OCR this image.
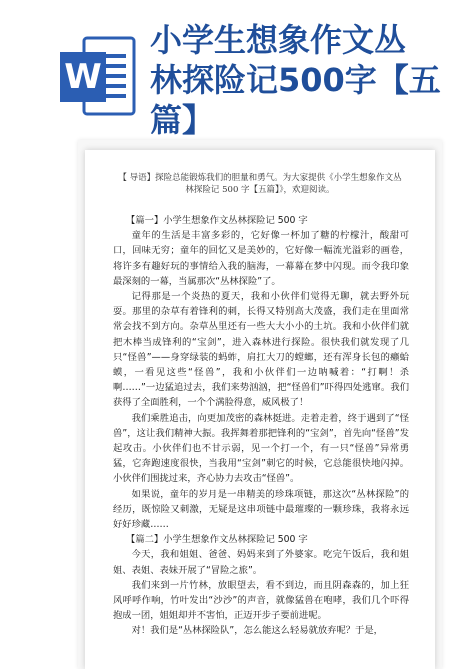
W
小学生想象作文丛
林探险记500字【五篇】
【 导语】探险总能锻炼我们的胆量和勇气。为大家提供《小学生想象作文丛林探险记 500 字【五篇】》，欢迎阅读。

【篇一】小学生想象作文丛林探险记 500 字

童年的生活是丰富多彩的，它好像一杯加了糖的柠檬汁，酸甜可口，回味无穷；童年的回忆又是美妙的，它好像一幅流光溢彩的画卷，将许多有趣好玩的事情给入我的脑海，一幕幕在梦中闪现。而令我印象最深刻的一幕，当属那次“丛林探险”了。

记得那是一个炎热的夏天，我和小伙伴们觉得无聊，就去野外玩耍。那里的杂草有着锋利的刺，长得又特别高大茂盛，我们走在里面常常会找不到方向。杂草丛里还有一些大大小小的土坑。我和小伙伴们就把木棒当成锋利的“宝剑”，进入森林进行探险。很快我们就发现了几只“怪兽”——身穿绿装的蚂蚱，肩扛大刀的螳螂，还有浑身长包的癞蛤蟆，一看见这些“怪兽”，我和小伙伴们一边呐喊着：“打啊！杀啊……”一边猛追过去，我们来势汹汹，把“怪兽们”吓得四处逃窜。我们获得了全面胜利，一个个满脸得意，威风极了！

我们乘胜追击，向更加茂密的森林挺进。走着走着，终于遇到了“怪兽”，这让我们精神大振。我挥舞着那把锋利的“宝剑”，首先向“怪兽”发起攻击。小伙伴们也不甘示弱，见一个打一个，有一只“怪兽”异常勇猛，它奔跑速度很快，当我用“宝剑”刺它的时候，它总能很快地闪掉。小伙伴们围拢过来，齐心协力去攻击“怪兽”。

如果说，童年的岁月是一串精美的珍珠项链，那这次“丛林探险”的经历，既惊险又刺激，无疑是这串项链中最璀璨的一颗珍珠，我将永远好好珍藏……

【篇二】小学生想象作文丛林探险记 500 字

今天，我和姐姐、爸爸、妈妈来到了外婆家。吃完午饭后，我和姐姐、表姐、表妹开展了“冒险之旅”。

我们来到一片竹林，放眼望去，看不到边，而且阴森森的，加上狂风呼呼作响，竹叶发出“沙沙”的声音，就像猛兽在咆哮，我们几个吓得抱成一团，姐姐却并不害怕，正迈开步子要前进呢。

对！我们是“丛林探险队”，怎么能这么轻易就放弃呢？于是，
